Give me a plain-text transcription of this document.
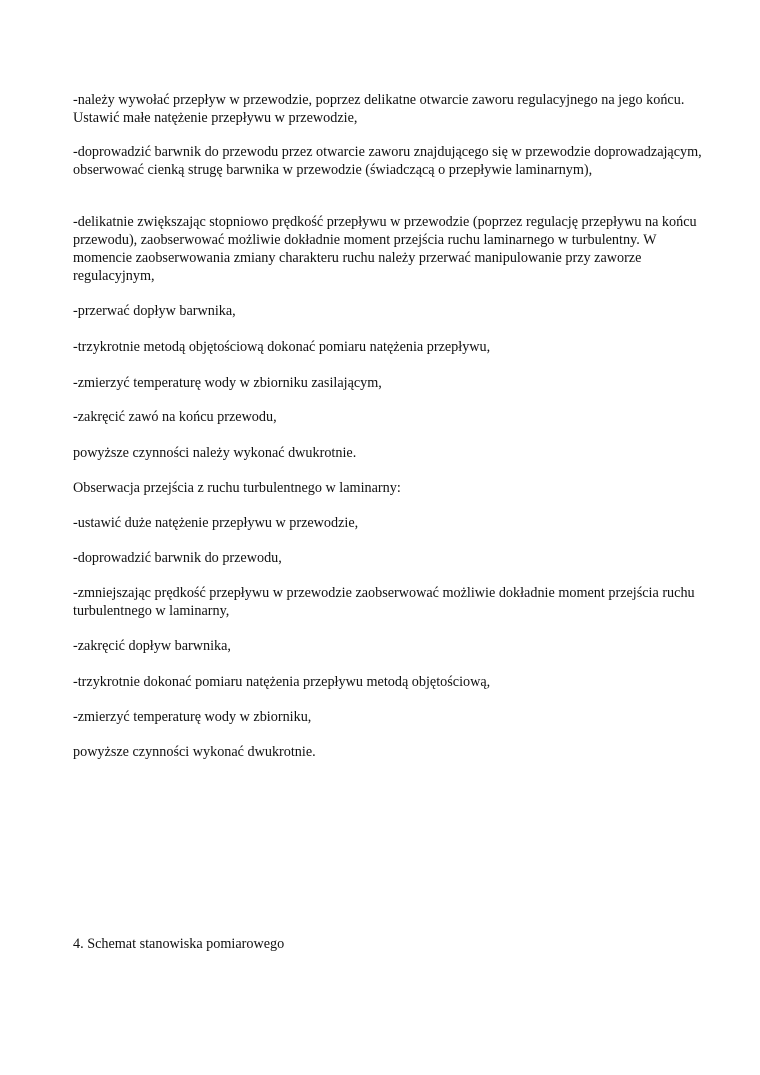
-należy wywołać przepływ w przewodzie, poprzez delikatne otwarcie zaworu regulacyjnego na jego końcu. Ustawić małe natężenie przepływu w przewodzie,

-doprowadzić barwnik do przewodu przez otwarcie zaworu znajdującego się w przewodzie doprowadzającym, obserwować cienką strugę barwnika w przewodzie (świadczącą o przepływie laminarnym),

-delikatnie zwiększając stopniowo prędkość przepływu w przewodzie (poprzez regulację przepływu na końcu przewodu), zaobserwować możliwie dokładnie moment przejścia ruchu laminarnego w turbulentny. W momencie zaobserwowania zmiany charakteru ruchu należy przerwać manipulowanie przy zaworze regulacyjnym,

-przerwać dopływ barwnika,

-trzykrotnie metodą objętościową dokonać pomiaru natężenia przepływu,

-zmierzyć temperaturę wody w zbiorniku zasilającym,

-zakręcić zawó na końcu przewodu,

powyższe czynności należy wykonać dwukrotnie.

Obserwacja przejścia z ruchu turbulentnego w laminarny:

-ustawić duże natężenie przepływu w przewodzie,

-doprowadzić barwnik do przewodu,

-zmniejszając prędkość przepływu w przewodzie zaobserwować możliwie dokładnie moment przejścia ruchu turbulentnego w laminarny,

-zakręcić dopływ barwnika,

-trzykrotnie dokonać pomiaru natężenia przepływu metodą objętościową,

-zmierzyć temperaturę wody w zbiorniku,

powyższe czynności wykonać dwukrotnie.

4. Schemat stanowiska pomiarowego
